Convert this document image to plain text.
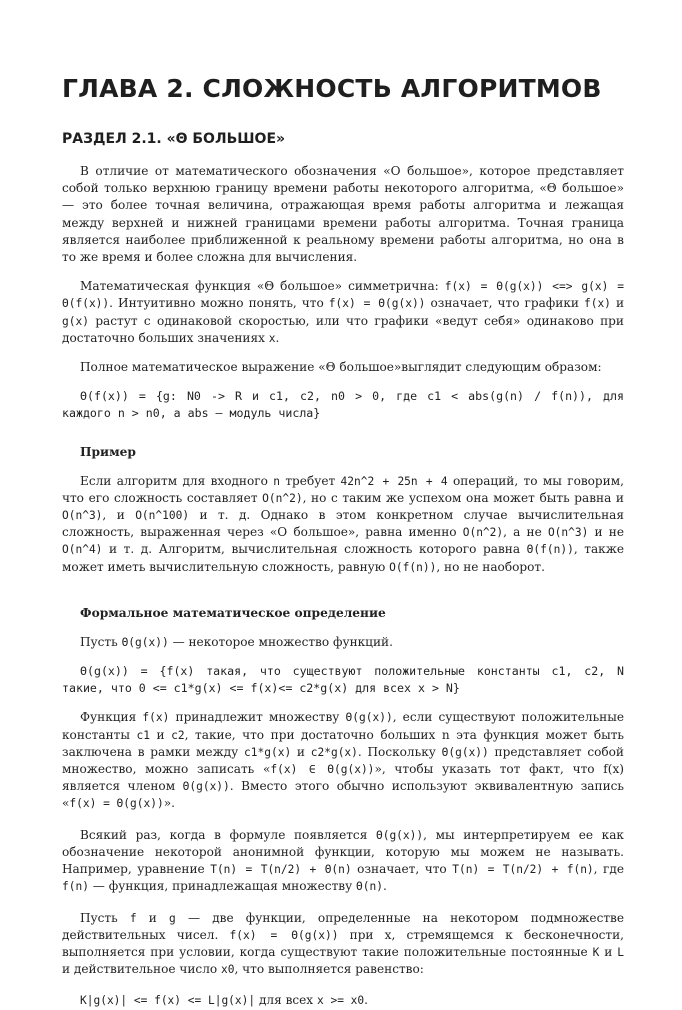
ГЛАВА 2. СЛОЖНОСТЬ АЛГОРИТМОВ
РАЗДЕЛ 2.1. «Θ БОЛЬШОЕ»

В отличие от математического обозначения «О большое», которое представляет собой только верхнюю границу времени работы некоторого алгоритма, «Θ большое» — это более точная величина, отражающая время работы алгоритма и лежащая между верхней и нижней границами времени работы алгоритма. Точная граница является наиболее приближенной к реальному времени работы алгоритма, но она в то же время и более сложна для вычисления.

Математическая функция «Θ большое» симметрична: f(x) = Θ(g(x)) <=> g(x) = Θ(f(x)). Интуитивно можно понять, что f(x) = Θ(g(x)) означает, что графики f(x) и g(x) растут с одинаковой скоростью, или что графики «ведут себя» одинаково при достаточно больших значениях x.

Полное математическое выражение «Θ большое»выглядит следующим образом:

Θ(f(x)) = {g: N0 -> R и c1, c2, n0 > 0, где c1 < abs(g(n) / f(n)), для каждого n > n0, а abs – модуль числа}

Пример

Если алгоритм для входного n требует 42n^2 + 25n + 4 операций, то мы говорим, что его сложность составляет O(n^2), но с таким же успехом она может быть равна и O(n^3), и O(n^100) и т. д. Однако в этом конкретном случае вычислительная сложность, выраженная через «О большое», равна именно O(n^2), а не O(n^3) и не O(n^4) и т. д. Алгоритм, вычислительная сложность которого равна Θ(f(n)), также может иметь вычислительную сложность, равную O(f(n)), но не наоборот.

Формальное математическое определение

Пусть Θ(g(x)) — некоторое множество функций.

Θ(g(x)) = {f(x) такая, что существуют положительные константы c1, c2, N такие, что 0 <= c1*g(x) <= f(x)<= c2*g(x) для всех x > N}

Функция f(x) принадлежит множеству Θ(g(x)), если существуют положительные константы c1 и c2, такие, что при достаточно больших n эта функция может быть заключена в рамки между c1*g(x) и c2*g(x). Поскольку Θ(g(x)) представляет собой множество, можно записать «f(x) ∈ Θ(g(x))», чтобы указать тот факт, что f(x) является членом Θ(g(x)). Вместо этого обычно используют эквивалентную запись «f(x) = Θ(g(x))».

Всякий раз, когда в формуле появляется Θ(g(x)), мы интерпретируем ее как обозначение некоторой анонимной функции, которую мы можем не называть. Например, уравнение T(n) = T(n/2) + Θ(n) означает, что T(n) = T(n/2) + f(n), где f(n) — функция, принадлежащая множеству Θ(n).

Пусть f и g — две функции, определенные на некотором подмножестве действительных чисел. f(x) = Θ(g(x)) при x, стремящемся к бесконечности, выполняется при условии, когда существуют такие положительные постоянные K и L и действительное число x0, что выполняется равенство:

K|g(x)| <= f(x) <= L|g(x)| для всех x >= x0.
